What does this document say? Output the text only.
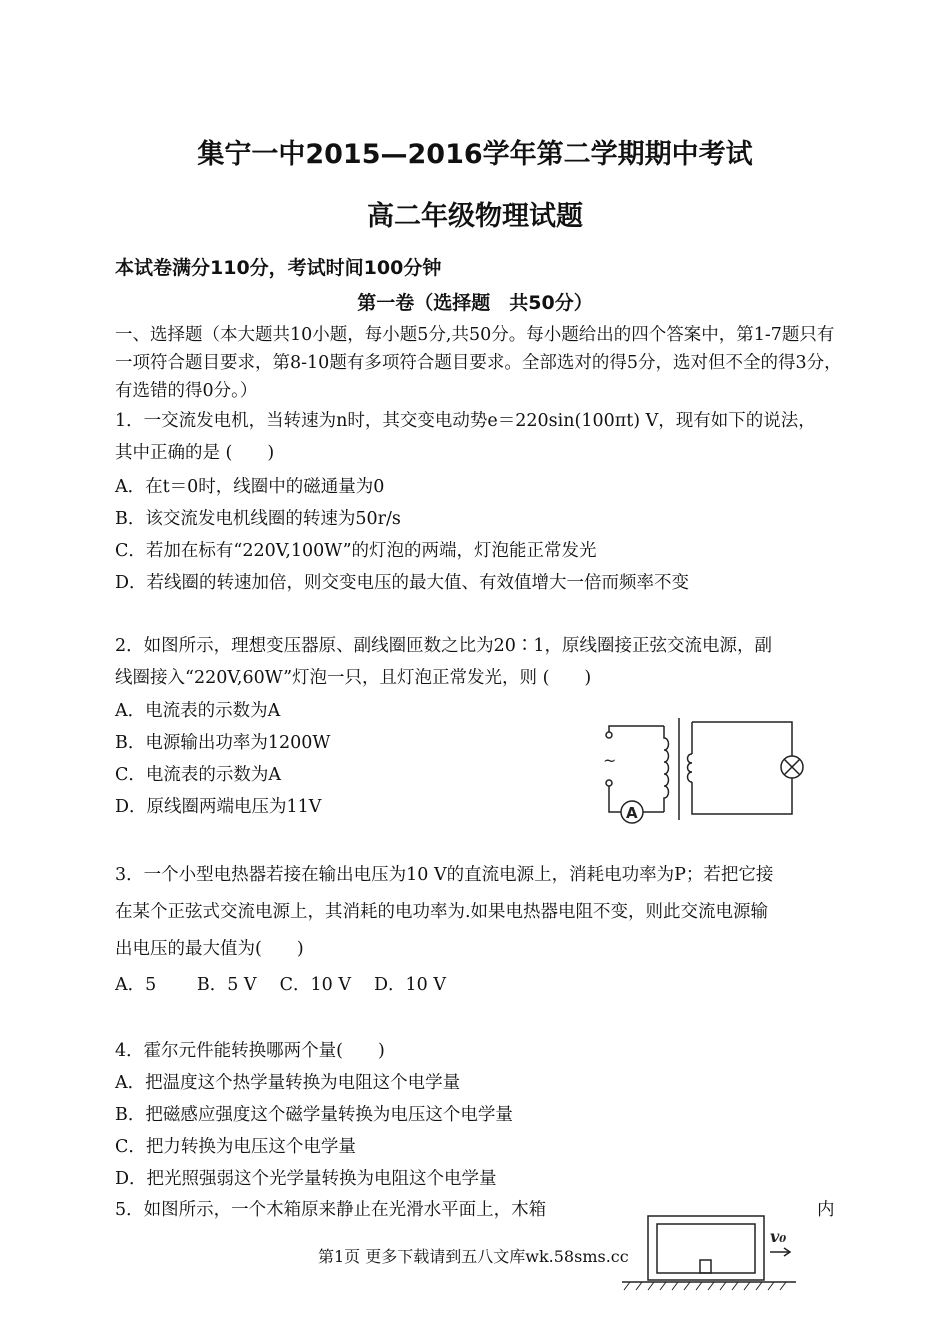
集宁一中2015—2016学年第二学期期中考试
高二年级物理试题
本试卷满分110分，考试时间100分钟
第一卷（选择题　共50分）
一、选择题（本大题共10小题，每小题5分,共50分。每小题给出的四个答案中，第1-7题只有一项符合题目要求，第8-10题有多项符合题目要求。全部选对的得5分，选对但不全的得3分，有选错的得0分。）
1．一交流发电机，当转速为n时，其交变电动势e＝220sin(100πt) V，现有如下的说法，
其中正确的是 (　　)
A．在t＝0时，线圈中的磁通量为0
B．该交流发电机线圈的转速为50r/s
C．若加在标有“220V,100W”的灯泡的两端，灯泡能正常发光
D．若线圈的转速加倍，则交变电压的最大值、有效值增大一倍而频率不变
2．如图所示，理想变压器原、副线圈匝数之比为20∶1，原线圈接正弦交流电源，副
线圈接入“220V,60W”灯泡一只，且灯泡正常发光，则 (　　)
A．电流表的示数为A
B．电源输出功率为1200W
C．电流表的示数为A
D．原线圈两端电压为11V
~
A
3．一个小型电热器若接在输出电压为10 V的直流电源上，消耗电功率为P；若把它接
在某个正弦式交流电源上，其消耗的电功率为.如果电热器电阻不变，则此交流电源输
出电压的最大值为(　　)
A．5　　 B．5 V　 C．10 V　 D．10 V
4．霍尔元件能转换哪两个量(　　)
A．把温度这个热学量转换为电阻这个电学量
B．把磁感应强度这个磁学量转换为电压这个电学量
C．把力转换为电压这个电学量
D．把光照强弱这个光学量转换为电阻这个电学量
5．如图所示，一个木箱原来静止在光滑水平面上，木箱	内
v₀
第1页 更多下载请到五八文库wk.58sms.cc
